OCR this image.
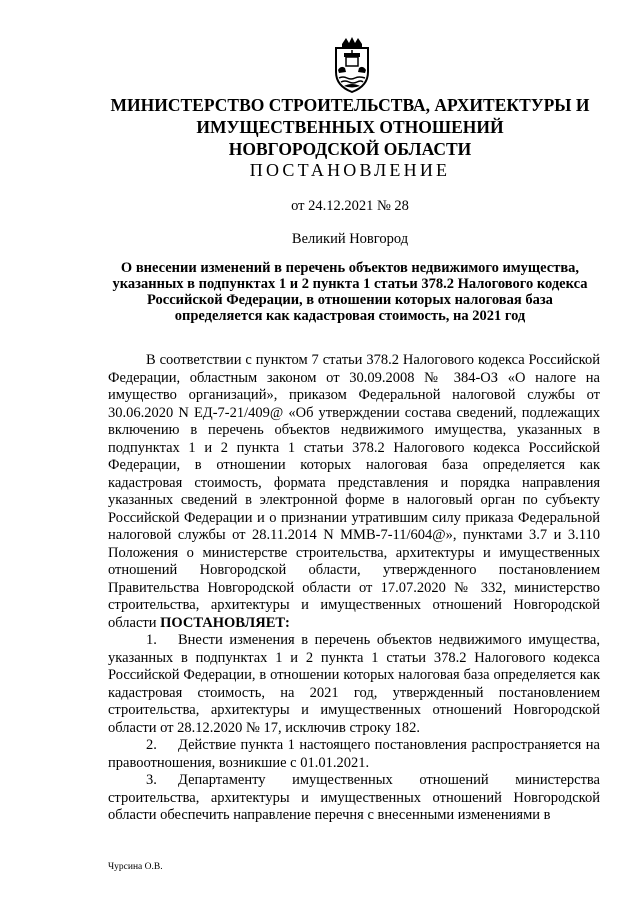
МИНИСТЕРСТВО СТРОИТЕЛЬСТВА, АРХИТЕКТУРЫ И
ИМУЩЕСТВЕННЫХ ОТНОШЕНИЙ
НОВГОРОДСКОЙ ОБЛАСТИ
ПОСТАНОВЛЕНИЕ
от 24.12.2021 № 28
Великий Новгород
О внесении изменений в перечень объектов недвижимого имущества,
указанных в подпунктах 1 и 2 пункта 1 статьи 378.2 Налогового кодекса
Российской Федерации, в отношении которых налоговая база
определяется как кадастровая стоимость, на 2021 год

В соответствии с пунктом 7 статьи 378.2 Налогового кодекса Российской Федерации, областным законом от 30.09.2008 № 384-ОЗ «О налоге на имущество организаций», приказом Федеральной налоговой службы от 30.06.2020 N ЕД-7-21/409@ «Об утверждении состава сведений, подлежащих включению в перечень объектов недвижимого имущества, указанных в подпунктах 1 и 2 пункта 1 статьи 378.2 Налогового кодекса Российской Федерации, в отношении которых налоговая база определяется как кадастровая стоимость, формата представления и порядка направления указанных сведений в электронной форме в налоговый орган по субъекту Российской Федерации и о признании утратившим силу приказа Федеральной налоговой службы от 28.11.2014 N ММВ-7-11/604@», пунктами 3.7 и 3.110 Положения о министерстве строительства, архитектуры и имущественных отношений Новгородской области, утвержденного постановлением Правительства Новгородской области от 17.07.2020 № 332, министерство строительства, архитектуры и имущественных отношений Новгородской области ПОСТАНОВЛЯЕТ:

1. Внести изменения в перечень объектов недвижимого имущества, указанных в подпунктах 1 и 2 пункта 1 статьи 378.2 Налогового кодекса Российской Федерации, в отношении которых налоговая база определяется как кадастровая стоимость, на 2021 год, утвержденный постановлением строительства, архитектуры и имущественных отношений Новгородской области от 28.12.2020 № 17, исключив строку 182.

2. Действие пункта 1 настоящего постановления распространяется на правоотношения, возникшие с 01.01.2021.

3. Департаменту имущественных отношений министерства строительства, архитектуры и имущественных отношений Новгородской области обеспечить направление перечня с внесенными изменениями в

Чурсина О.В.
